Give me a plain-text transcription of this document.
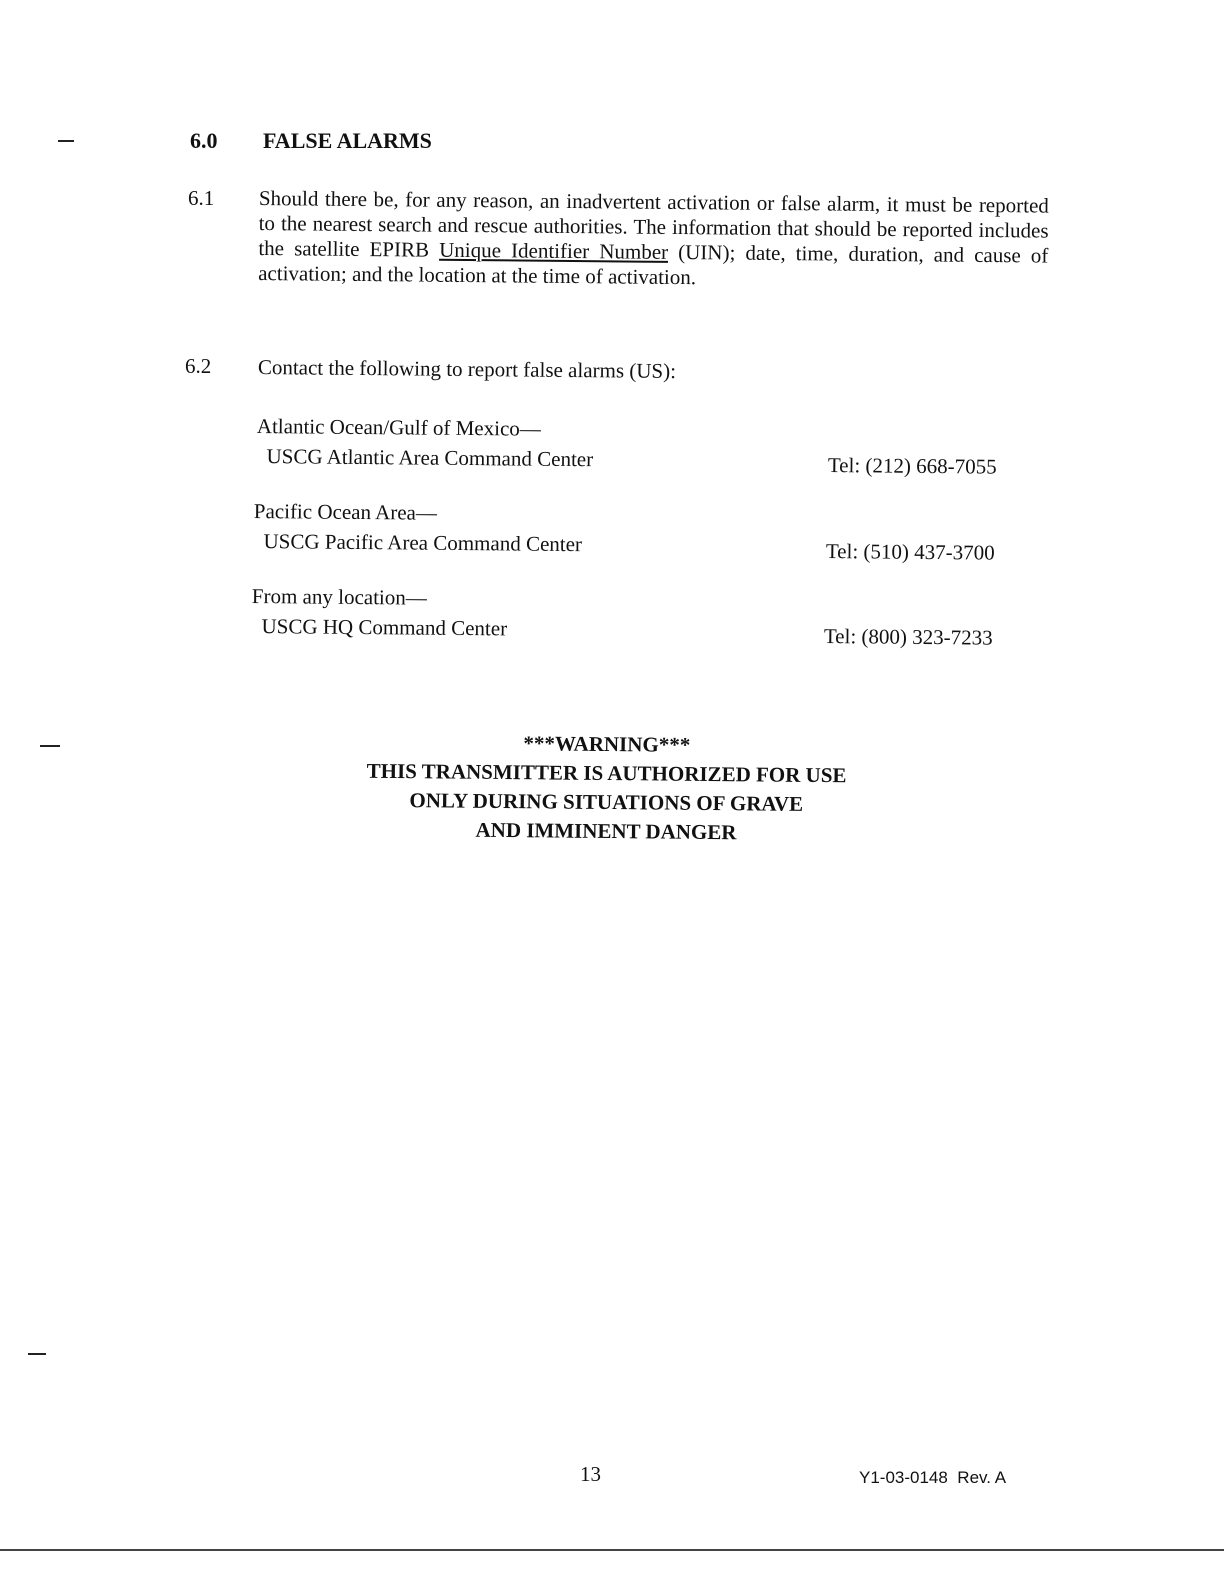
6.0 FALSE ALARMS
6.1 Should there be, for any reason, an inadvertent activation or false alarm, it must be reported to the nearest search and rescue authorities. The information that should be reported includes the satellite EPIRB Unique Identifier Number (UIN); date, time, duration, and cause of activation; and the location at the time of activation.
6.2 Contact the following to report false alarms (US):
Atlantic Ocean/Gulf of Mexico—
USCG Atlantic Area Command Center	Tel: (212) 668-7055
Pacific Ocean Area—
USCG Pacific Area Command Center	Tel: (510) 437-3700
From any location—
USCG HQ Command Center	Tel: (800) 323-7233
***WARNING***
THIS TRANSMITTER IS AUTHORIZED FOR USE
ONLY DURING SITUATIONS OF GRAVE
AND IMMINENT DANGER
13	Y1-03-0148  Rev. A
